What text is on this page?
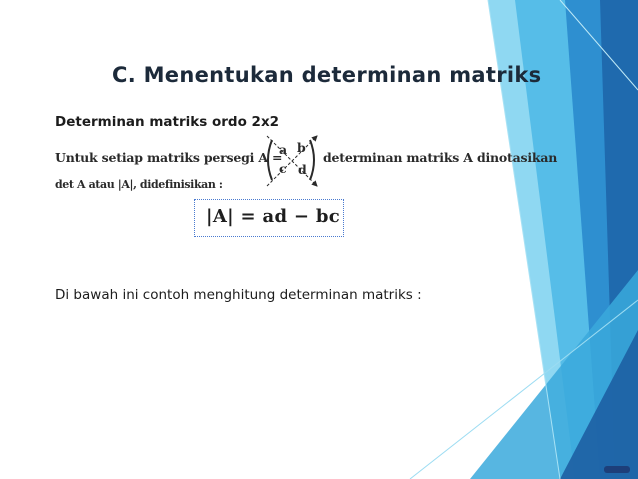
C. Menentukan determinan matriks
Determinan matriks ordo 2x2
Untuk setiap matriks persegi A =
a b
c d
determinan matriks A dinotasikan
det A atau |A|, didefinisikan :
|A| = ad − bc
Di bawah ini contoh menghitung determinan matriks :
